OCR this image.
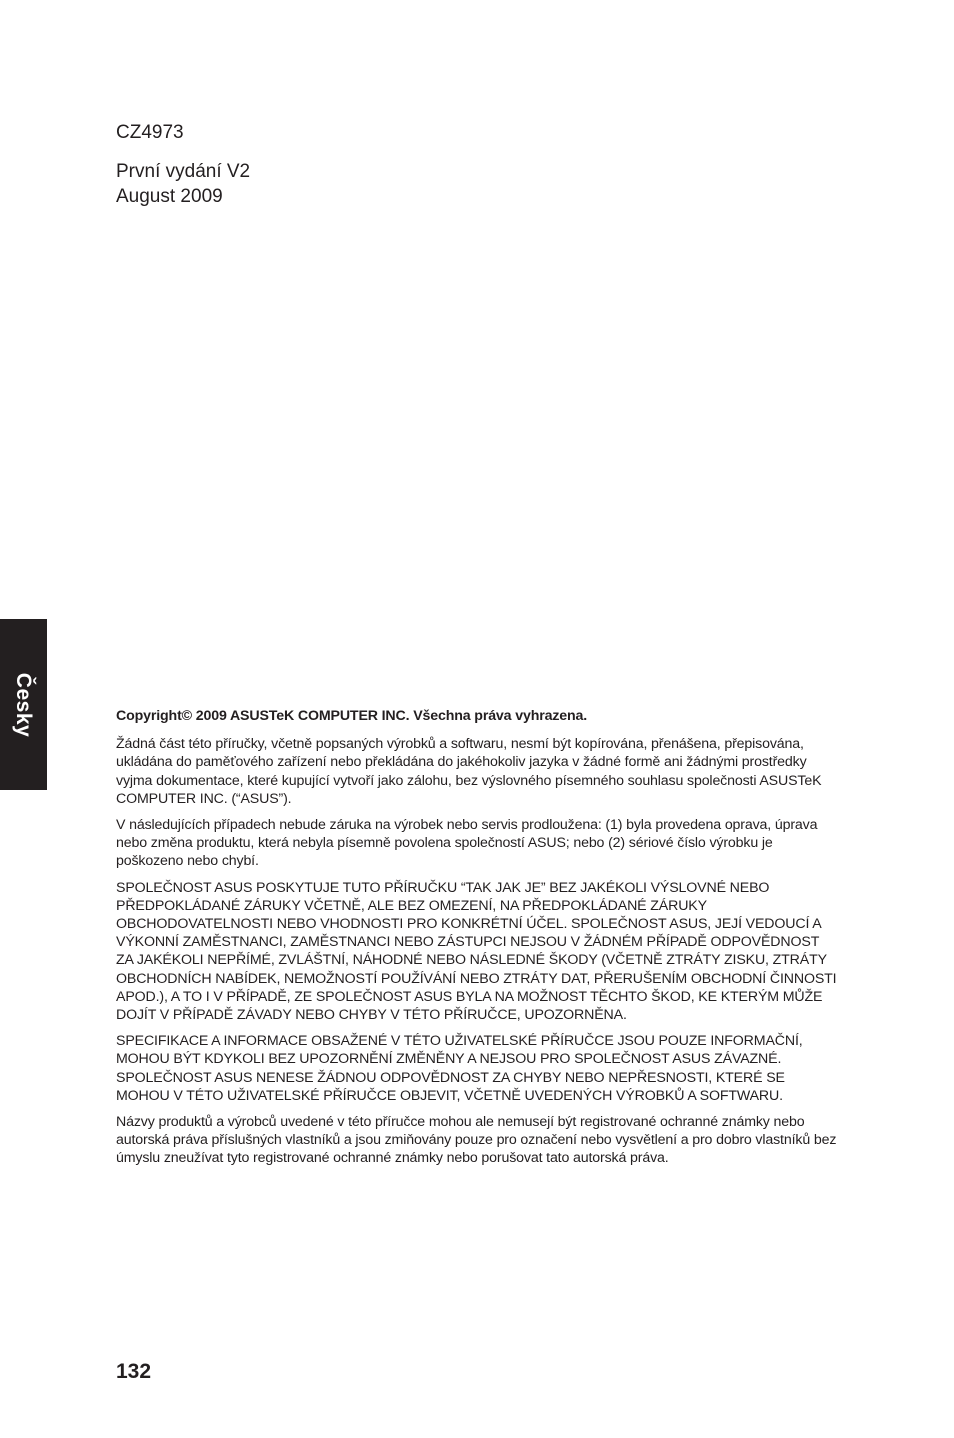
CZ4973

První vydání V2

August 2009

Česky	Copyright© 2009 ASUSTeK COMPUTER INC. Všechna práva vyhrazena.

Žádná část této příručky, včetně popsaných výrobků a softwaru, nesmí být kopírována, přenášena, přepisována, ukládána do paměťového zařízení nebo překládána do jakéhokoliv jazyka v žádné formě ani žádnými prostředky vyjma dokumentace, které kupující vytvoří jako zálohu, bez výslovného písemného souhlasu společnosti ASUSTeK COMPUTER INC. (“ASUS”).

V následujících případech nebude záruka na výrobek nebo servis prodloužena: (1) byla provedena oprava, úprava nebo změna produktu, která nebyla písemně povolena společností ASUS; nebo (2) sériové číslo výrobku je poškozeno nebo chybí.

SPOLEČNOST ASUS POSKYTUJE TUTO PŘÍRUČKU “TAK JAK JE” BEZ JAKÉKOLI VÝSLOVNÉ NEBO PŘEDPOKLÁDANÉ ZÁRUKY VČETNĚ, ALE BEZ OMEZENÍ, NA PŘEDPOKLÁDANÉ ZÁRUKY OBCHODOVATELNOSTI NEBO VHODNOSTI PRO KONKRÉTNÍ ÚČEL. SPOLEČNOST ASUS, JEJÍ VEDOUCÍ A VÝKONNÍ ZAMĚSTNANCI, ZAMĚSTNANCI NEBO ZÁSTUPCI NEJSOU V ŽÁDNÉM PŘÍPADĚ ODPOVĚDNOST ZA JAKÉKOLI NEPŘÍMÉ, ZVLÁŠTNÍ, NÁHODNÉ NEBO NÁSLEDNÉ ŠKODY (VČETNĚ ZTRÁTY ZISKU, ZTRÁTY OBCHODNÍCH NABÍDEK, NEMOŽNOSTÍ POUŽÍVÁNÍ NEBO ZTRÁTY DAT, PŘERUŠENÍM OBCHODNÍ ČINNOSTI APOD.), A TO I V PŘÍPADĚ, ZE SPOLEČNOST ASUS BYLA NA MOŽNOST TĚCHTO ŠKOD, KE KTERÝM MŮŽE DOJÍT V PŘÍPADĚ ZÁVADY NEBO CHYBY V TÉTO PŘÍRUČCE, UPOZORNĚNA.

SPECIFIKACE A INFORMACE OBSAŽENÉ V TÉTO UŽIVATELSKÉ PŘÍRUČCE JSOU POUZE INFORMAČNÍ, MOHOU BÝT KDYKOLI BEZ UPOZORNĚNÍ ZMĚNĚNY A NEJSOU PRO SPOLEČNOST ASUS ZÁVAZNÉ. SPOLEČNOST ASUS NENESE ŽÁDNOU ODPOVĚDNOST ZA CHYBY NEBO NEPŘESNOSTI, KTERÉ SE MOHOU V TÉTO UŽIVATELSKÉ PŘÍRUČCE OBJEVIT, VČETNĚ UVEDENÝCH VÝROBKŮ A SOFTWARU.

Názvy produktů a výrobců uvedené v této příručce mohou ale nemusejí být registrované ochranné známky nebo autorská práva příslušných vlastníků a jsou zmiňovány pouze pro označení nebo vysvětlení a pro dobro vlastníků bez úmyslu zneužívat tyto registrované ochranné známky nebo porušovat tato autorská práva.

132
